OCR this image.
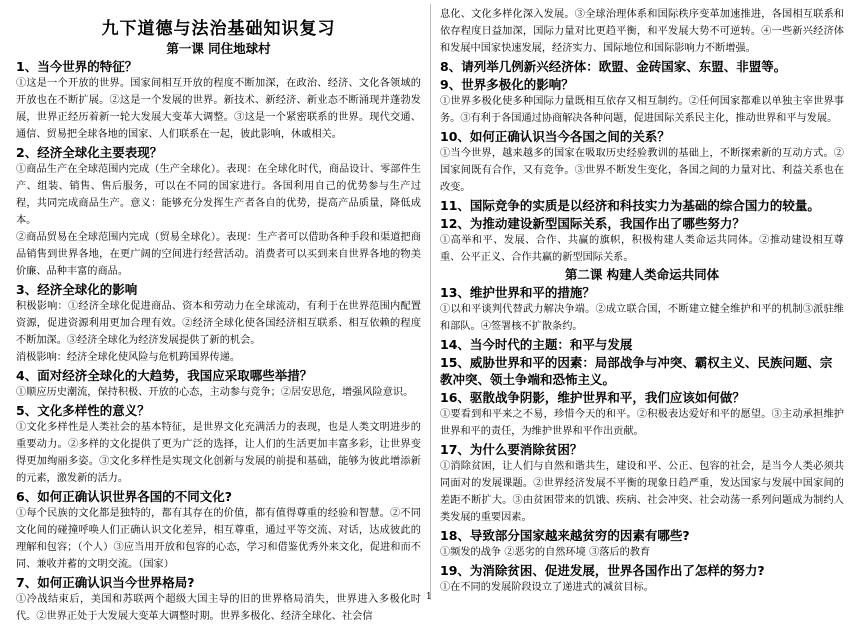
九下道德与法治基础知识复习
第一课 同住地球村
1、当今世界的特征？
①这是一个开放的世界。国家间相互开放的程度不断加深，在政治、经济、文化各领域的开放也在不断扩展。②这是一个发展的世界。新技术、新经济、新业态不断涌现并蓬勃发展，世界正经历着新一轮大发展大变革大调整。③这是一个紧密联系的世界。现代交通、通信、贸易把全球各地的国家、人们联系在一起，彼此影响，休戚相关。
2、经济全球化主要表现？
①商品生产在全球范围内完成（生产全球化）。表现：在全球化时代，商品设计、零部件生产、组装、销售、售后服务，可以在不同的国家进行。各国利用自己的优势参与生产过程，共同完成商品生产。意义：能够充分发挥生产者各自的优势，提高产品质量，降低成本。
②商品贸易在全球范围内完成（贸易全球化）。表现：生产者可以借助各种手段和渠道把商品销售到世界各地，在更广阔的空间进行经营活动。消费者可以买到来自世界各地的物美价廉、品种丰富的商品。
3、经济全球化的影响
积极影响：①经济全球化促进商品、资本和劳动力在全球流动，有利于在世界范围内配置资源，促进资源利用更加合理有效。②经济全球化使各国经济相互联系、相互依赖的程度不断加深。③经济全球化为经济发展提供了新的机会。
消极影响：经济全球化使风险与危机跨国界传递。
4、面对经济全球化的大趋势，我国应采取哪些举措？
①顺应历史潮流，保持积极、开放的心态，主动参与竞争；②居安思危，增强风险意识。
5、文化多样性的意义？
①文化多样性是人类社会的基本特征，是世界文化充满活力的表现，也是人类文明进步的重要动力。②多样的文化提供了更为广泛的选择，让人们的生活更加丰富多彩，让世界变得更加绚丽多姿。③文化多样性是实现文化创新与发展的前提和基础，能够为彼此增添新的元素，激发新的活力。
6、如何正确认识世界各国的不同文化?
①每个民族的文化都是独特的，都有其存在的价值，都有值得尊重的经验和智慧。②不同文化间的碰撞呼唤人们正确认识文化差异，相互尊重，通过平等交流、对话，达成彼此的理解和包容；（个人）③应当用开放和包容的心态，学习和借鉴优秀外来文化，促进和而不同、兼收并蓄的文明交流。（国家）
7、如何正确认识当今世界格局?
①冷战结束后，美国和苏联两个超级大国主导的旧的世界格局消失，世界进入多极化时代。②世界正处于大发展大变革大调整时期。世界多极化、经济全球化、社会信
息化、文化多样化深入发展。③全球治理体系和国际秩序变革加速推进，各国相互联系和依存程度日益加深，国际力量对比更趋平衡，和平发展大势不可逆转。④一些新兴经济体和发展中国家快速发展，经济实力、国际地位和国际影响力不断增强。
8、请列举几例新兴经济体：欧盟、金砖国家、东盟、非盟等。
9、世界多极化的影响？
①世界多极化使多种国际力量既相互依存又相互制约。②任何国家都难以单独主宰世界事务。③有利于各国通过协商解决各种问题，促进国际关系民主化，推动世界和平与发展。
10、如何正确认识当今各国之间的关系？
①当今世界，越来越多的国家在吸取历史经验教训的基础上，不断探索新的互动方式。②国家间既有合作，又有竞争。③世界不断发生变化，各国之间的力量对比、利益关系也在改变。
11、国际竞争的实质是以经济和科技实力为基础的综合国力的较量。
12、为推动建设新型国际关系，我国作出了哪些努力？
①高举和平、发展、合作、共赢的旗帜，积极构建人类命运共同体。②推动建设相互尊重、公平正义、合作共赢的新型国际关系。
第二课 构建人类命运共同体
13、维护世界和平的措施？
①以和平谈判代替武力解决争端。②成立联合国，不断建立健全维护和平的机制③派驻维和部队。④签署核不扩散条约。
14、当今时代的主题：和平与发展
15、威胁世界和平的因素：局部战争与冲突、霸权主义、民族问题、宗教冲突、领土争端和恐怖主义。
16、驱散战争阴影，维护世界和平，我们应该如何做？
①要看到和平来之不易，珍惜今天的和平。②积极表达爱好和平的愿望。③主动承担维护世界和平的责任，为维护世界和平作出贡献。
17、为什么要消除贫困？
①消除贫困，让人们与自然和谐共生，建设和平、公正、包容的社会，是当今人类必须共同面对的发展课题。②世界经济发展不平衡的现象日趋严重，发达国家与发展中国家间的差距不断扩大。③由贫困带来的饥饿、疾病、社会冲突、社会动荡一系列问题成为制约人类发展的重要因素。
18、导致部分国家越来越贫穷的因素有哪些?
①频发的战争 ②恶劣的自然环境 ③落后的教育
19、为消除贫困、促进发展，世界各国作出了怎样的努力?
①在不同的发展阶段设立了递进式的减贫目标。
1
